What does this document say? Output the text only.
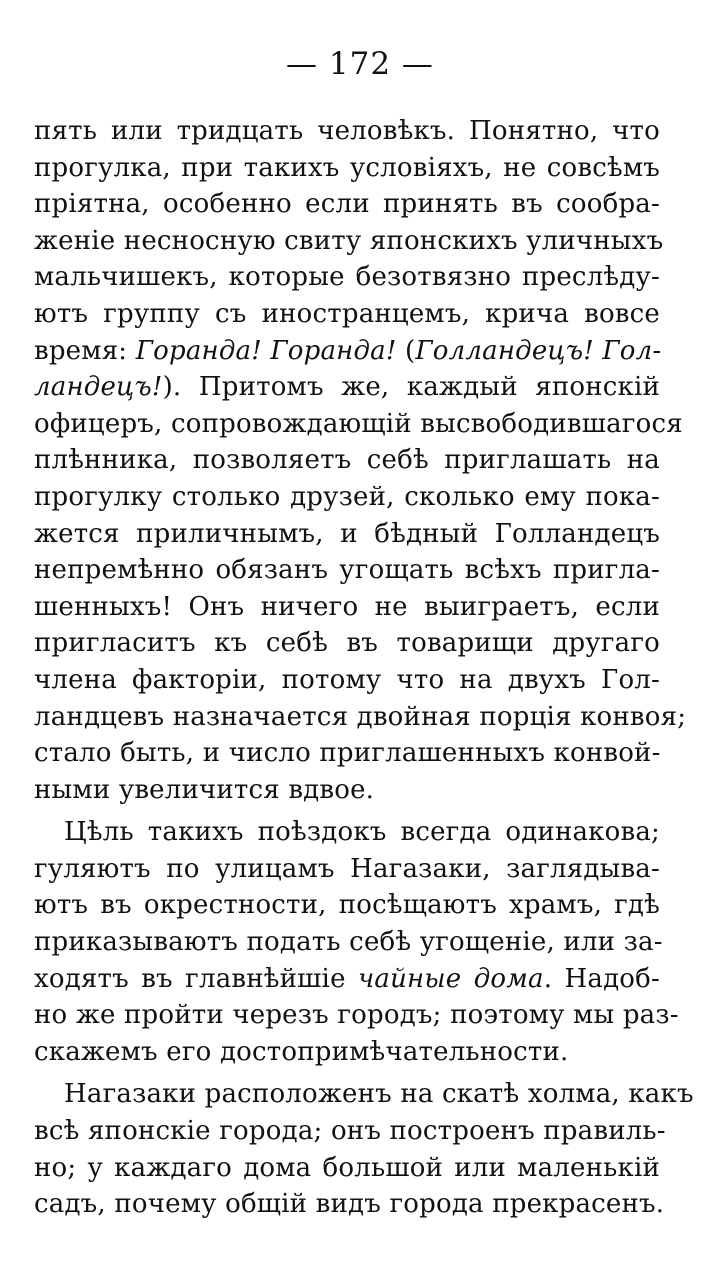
— 172 —
пять или тридцать человѣкъ. Понятно, что
прогулка, при такихъ условіяхъ, не совсѣмъ
пріятна, особенно если принять въ сообра-
женіе несносную свиту японскихъ уличныхъ
мальчишекъ, которые безотвязно преслѣду-
ютъ группу съ иностранцемъ, крича вовсе
время: Горанда! Горанда! (Голландецъ! Гол-
ландецъ!). Притомъ же, каждый японскій
офицеръ, сопровождающій высвободившагося
плѣнника, позволяетъ себѣ приглашать на
прогулку столько друзей, сколько ему пока-
жется приличнымъ, и бѣдный Голландецъ
непремѣнно обязанъ угощать всѣхъ пригла-
шенныхъ! Онъ ничего не выиграетъ, если
пригласитъ къ себѣ въ товарищи другаго
члена факторіи, потому что на двухъ Гол-
ландцевъ назначается двойная порція конвоя;
стало быть, и число приглашенныхъ конвой-
ными увеличится вдвое.
Цѣль такихъ поѣздокъ всегда одинакова;
гуляютъ по улицамъ Нагазаки, заглядыва-
ютъ въ окрестности, посѣщаютъ храмъ, гдѣ
приказываютъ подать себѣ угощеніе, или за-
ходятъ въ главнѣйшіе чайные дома. Надоб-
но же пройти черезъ городъ; поэтому мы раз-
скажемъ его достопримѣчательности.
Нагазаки расположенъ на скатѣ холма, какъ
всѣ японскіе города; онъ построенъ правиль-
но; у каждаго дома большой или маленькій
садъ, почему общій видъ города прекрасенъ.
